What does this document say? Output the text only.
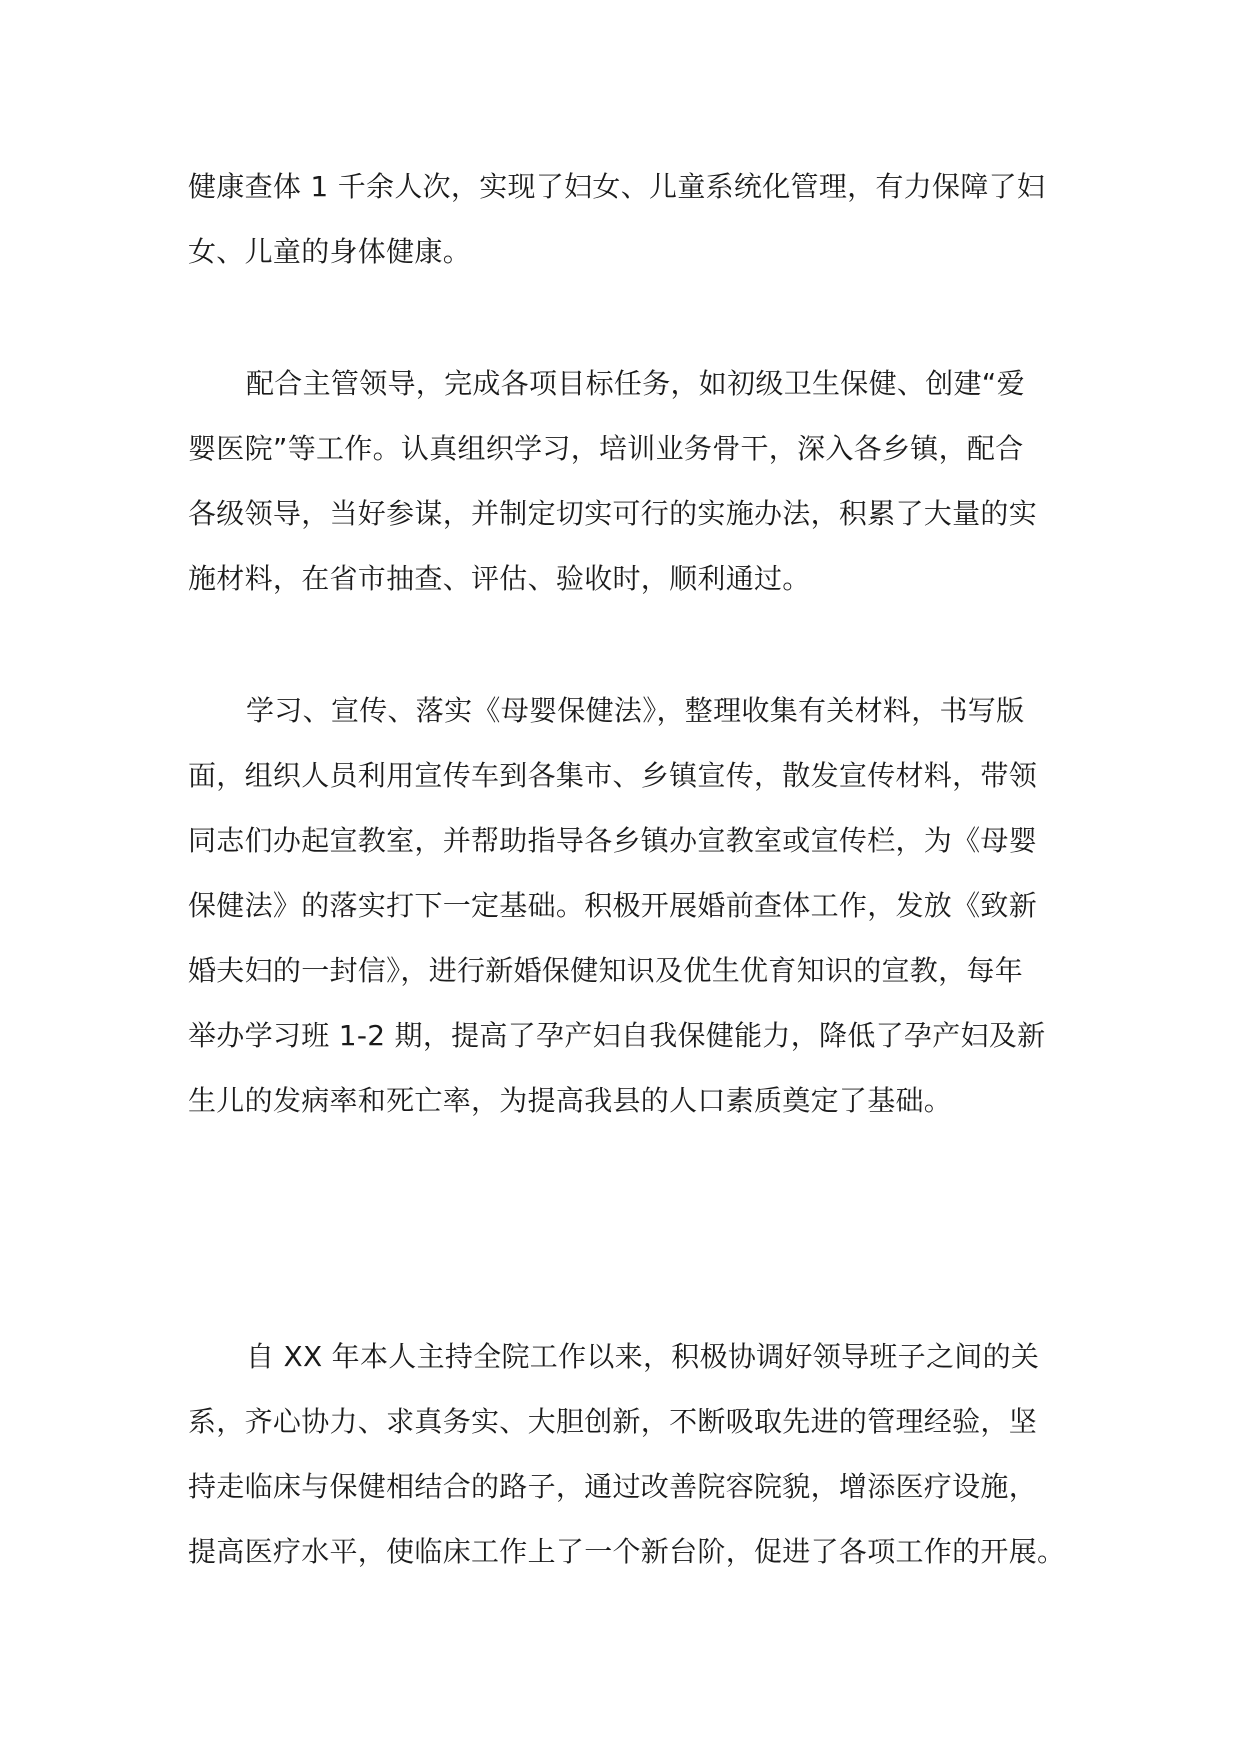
健康查体 1 千余人次，实现了妇女、儿童系统化管理，有力保障了妇
女、儿童的身体健康。
配合主管领导，完成各项目标任务，如初级卫生保健、创建“爱
婴医院”等工作。认真组织学习，培训业务骨干，深入各乡镇，配合
各级领导，当好参谋，并制定切实可行的实施办法，积累了大量的实
施材料，在省市抽查、评估、验收时，顺利通过。
学习、宣传、落实《母婴保健法》，整理收集有关材料，书写版
面，组织人员利用宣传车到各集市、乡镇宣传，散发宣传材料，带领
同志们办起宣教室，并帮助指导各乡镇办宣教室或宣传栏，为《母婴
保健法》的落实打下一定基础。积极开展婚前查体工作，发放《致新
婚夫妇的一封信》，进行新婚保健知识及优生优育知识的宣教，每年
举办学习班 1-2 期，提高了孕产妇自我保健能力，降低了孕产妇及新
生儿的发病率和死亡率，为提高我县的人口素质奠定了基础。
自 XX 年本人主持全院工作以来，积极协调好领导班子之间的关
系，齐心协力、求真务实、大胆创新，不断吸取先进的管理经验，坚
持走临床与保健相结合的路子，通过改善院容院貌，增添医疗设施，
提高医疗水平，使临床工作上了一个新台阶，促进了各项工作的开展。
